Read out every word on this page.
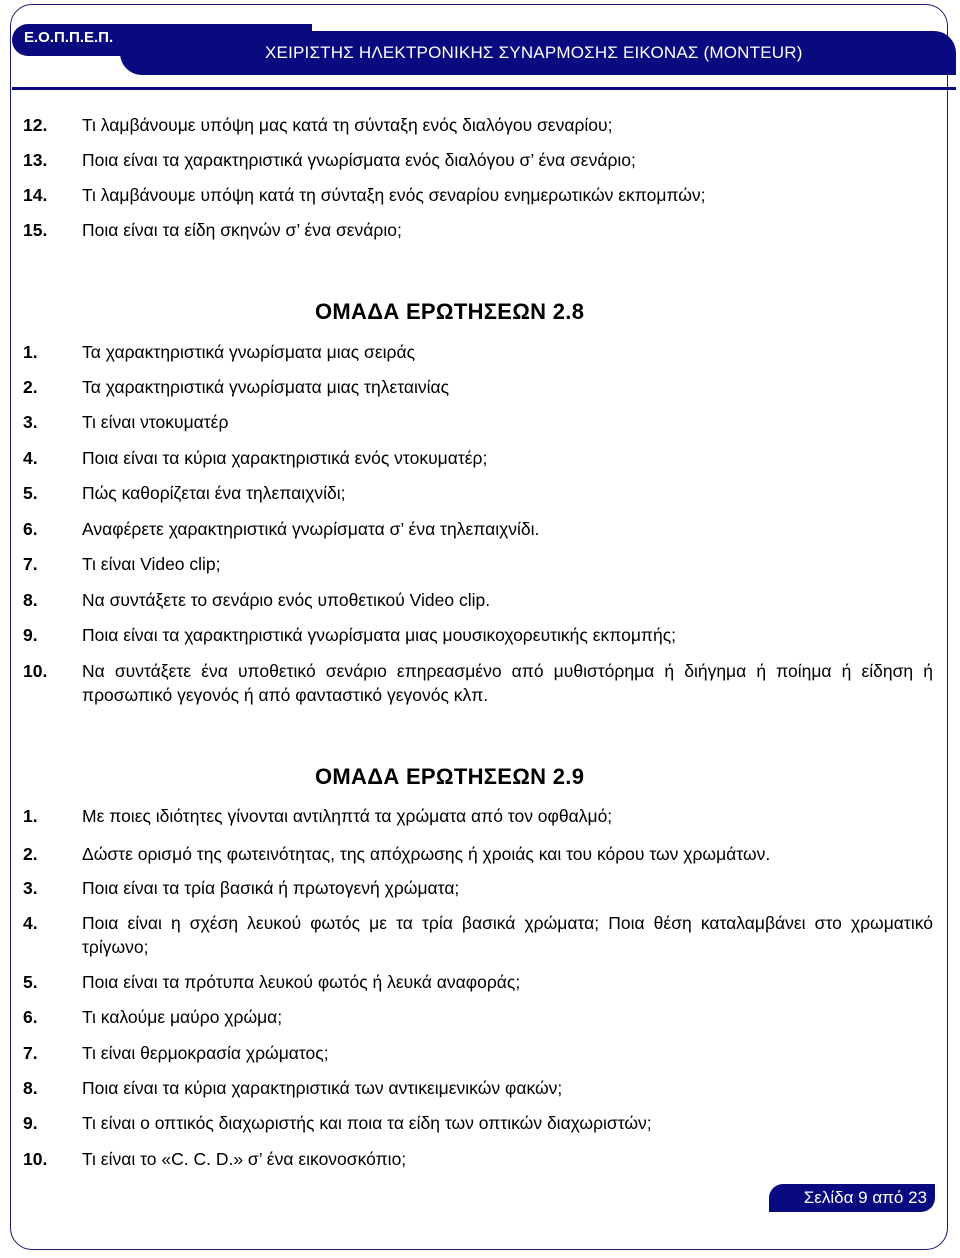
Ε.Ο.Π.Π.Ε.Π.
ΧΕΙΡΙΣΤΗΣ ΗΛΕΚΤΡΟΝΙΚΗΣ ΣΥΝΑΡΜΟΣΗΣ ΕΙΚΟΝΑΣ (MONTEUR)
12.	Τι λαμβάνουμε υπόψη μας κατά τη σύνταξη ενός διαλόγου σεναρίου;
13.	Ποια είναι τα χαρακτηριστικά γνωρίσματα ενός διαλόγου σ’ ένα σενάριο;
14.	Τι λαμβάνουμε υπόψη κατά τη σύνταξη ενός σεναρίου ενημερωτικών εκπομπών;
15.	Ποια είναι τα είδη σκηνών σ’ ένα σενάριο;
ΟΜΑΔΑ ΕΡΩΤΗΣΕΩΝ 2.8
1.	Τα χαρακτηριστικά γνωρίσματα μιας σειράς
2.	Τα χαρακτηριστικά γνωρίσματα μιας τηλεταινίας
3.	Τι είναι ντοκυματέρ
4.	Ποια είναι τα κύρια χαρακτηριστικά ενός ντοκυματέρ;
5.	Πώς καθορίζεται ένα τηλεπαιχνίδι;
6.	Αναφέρετε χαρακτηριστικά γνωρίσματα σ’ ένα τηλεπαιχνίδι.
7.	Τι είναι Video clip;
8.	Να συντάξετε το σενάριο ενός υποθετικού Video clip.
9.	Ποια είναι τα χαρακτηριστικά γνωρίσματα μιας μουσικοχορευτικής εκπομπής;
10.	Να συντάξετε ένα υποθετικό σενάριο επηρεασμένο από μυθιστόρημα ή διήγημα ή ποίημα ή είδηση ή προσωπικό γεγονός ή από φανταστικό γεγονός κλπ.
ΟΜΑΔΑ ΕΡΩΤΗΣΕΩΝ 2.9
1.	Με ποιες ιδιότητες γίνονται αντιληπτά τα χρώματα από τον οφθαλμό;
2.	Δώστε ορισμό της φωτεινότητας, της απόχρωσης ή χροιάς και του κόρου των χρωμάτων.
3.	Ποια είναι τα τρία βασικά ή πρωτογενή χρώματα;
4.	Ποια είναι η σχέση λευκού φωτός με τα τρία βασικά χρώματα; Ποια θέση καταλαμβάνει στο χρωματικό τρίγωνο;
5.	Ποια είναι τα πρότυπα λευκού φωτός ή λευκά αναφοράς;
6.	Τι καλούμε μαύρο χρώμα;
7.	Τι είναι θερμοκρασία χρώματος;
8.	Ποια είναι τα κύρια χαρακτηριστικά των αντικειμενικών φακών;
9.	Τι είναι ο οπτικός διαχωριστής και ποια τα είδη των οπτικών διαχωριστών;
10.	Τι είναι το «C. C. D.» σ’ ένα εικονοσκόπιο;
Σελίδα 9 από 23
